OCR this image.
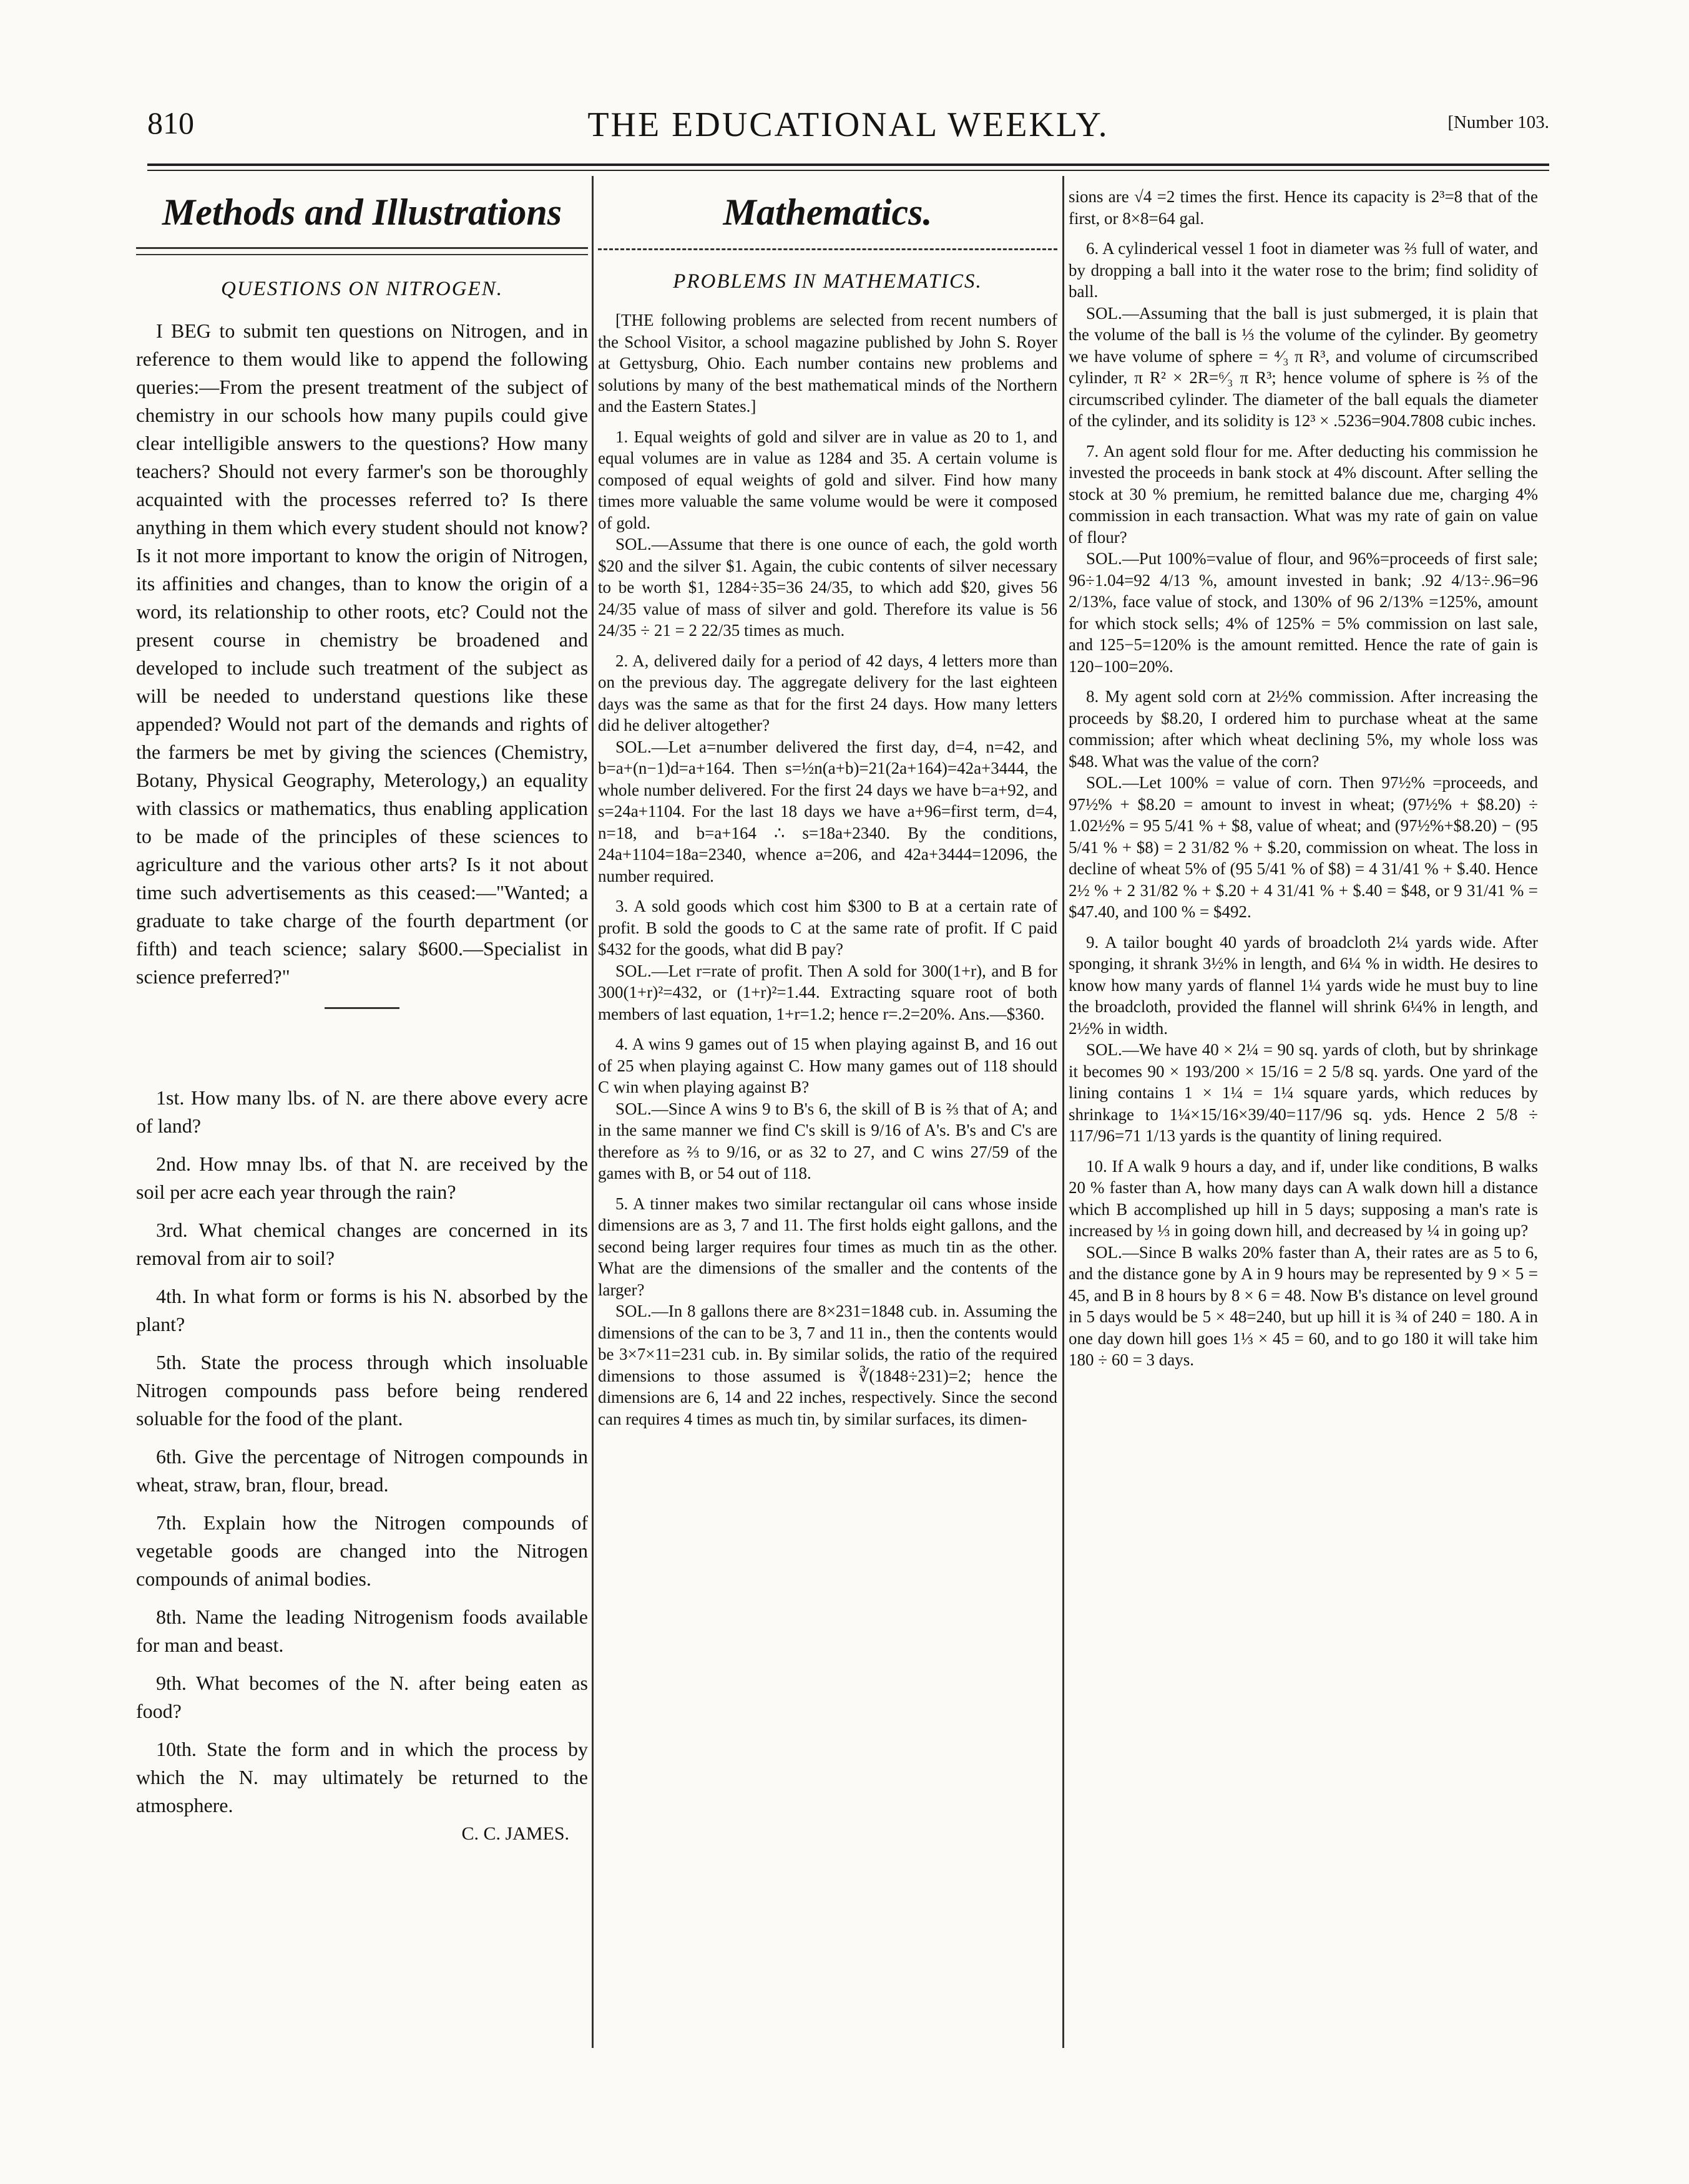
810	THE EDUCATIONAL WEEKLY.	[Number 103.
Methods and Illustrations
QUESTIONS ON NITROGEN.

I BEG to submit ten questions on Nitrogen, and in reference to them would like to append the following queries:—From the present treatment of the subject of chemistry in our schools how many pupils could give clear intelligible answers to the questions? How many teachers? Should not every farmer's son be thoroughly acquainted with the processes referred to? Is there anything in them which every student should not know? Is it not more important to know the origin of Nitrogen, its affinities and changes, than to know the origin of a word, its relationship to other roots, etc? Could not the present course in chemistry be broadened and developed to include such treatment of the subject as will be needed to understand questions like these appended? Would not part of the demands and rights of the farmers be met by giving the sciences (Chemistry, Botany, Physical Geography, Meterology,) an equality with classics or mathematics, thus enabling application to be made of the principles of these sciences to agriculture and the various other arts? Is it not about time such advertisements as this ceased:—"Wanted; a graduate to take charge of the fourth department (or fifth) and teach science; salary $600.—Specialist in science preferred?"

1st. How many lbs. of N. are there above every acre of land?

2nd. How mnay lbs. of that N. are received by the soil per acre each year through the rain?

3rd. What chemical changes are concerned in its removal from air to soil?

4th. In what form or forms is his N. absorbed by the plant?

5th. State the process through which insoluable Nitrogen compounds pass before being rendered soluable for the food of the plant.

6th. Give the percentage of Nitrogen compounds in wheat, straw, bran, flour, bread.

7th. Explain how the Nitrogen compounds of vegetable goods are changed into the Nitrogen compounds of animal bodies.

8th. Name the leading Nitrogenism foods available for man and beast.

9th. What becomes of the N. after being eaten as food?

10th. State the form and in which the process by which the N. may ultimately be returned to the atmosphere.

C. C. JAMES.
Mathematics.
PROBLEMS IN MATHEMATICS.

[THE following problems are selected from recent numbers of the School Visitor, a school magazine published by John S. Royer at Gettysburg, Ohio. Each number contains new problems and solutions by many of the best mathematical minds of the Northern and the Eastern States.]

1. Equal weights of gold and silver are in value as 20 to 1, and equal volumes are in value as 1284 and 35. A certain volume is composed of equal weights of gold and silver. Find how many times more valuable the same volume would be were it composed of gold.

SOL.—Assume that there is one ounce of each, the gold worth $20 and the silver $1. Again, the cubic contents of silver necessary to be worth $1, 1284÷35=36 24/35, to which add $20, gives 56 24/35 value of mass of silver and gold. Therefore its value is 56 24/35 ÷ 21 = 2 22/35 times as much.

2. A, delivered daily for a period of 42 days, 4 letters more than on the previous day. The aggregate delivery for the last eighteen days was the same as that for the first 24 days. How many letters did he deliver altogether?

SOL.—Let a=number delivered the first day, d=4, n=42, and b=a+(n−1)d=a+164. Then s=½n(a+b)=21(2a+164)=42a+3444, the whole number delivered. For the first 24 days we have b=a+92, and s=24a+1104. For the last 18 days we have a+96=first term, d=4, n=18, and b=a+164 ∴ s=18a+2340. By the conditions, 24a+1104=18a=2340, whence a=206, and 42a+3444=12096, the number required.

3. A sold goods which cost him $300 to B at a certain rate of profit. B sold the goods to C at the same rate of profit. If C paid $432 for the goods, what did B pay?

SOL.—Let r=rate of profit. Then A sold for 300(1+r), and B for 300(1+r)²=432, or (1+r)²=1.44. Extracting square root of both members of last equation, 1+r=1.2; hence r=.2=20%. Ans.—$360.

4. A wins 9 games out of 15 when playing against B, and 16 out of 25 when playing against C. How many games out of 118 should C win when playing against B?

SOL.—Since A wins 9 to B's 6, the skill of B is ⅔ that of A; and in the same manner we find C's skill is 9/16 of A's. B's and C's are therefore as ⅔ to 9/16, or as 32 to 27, and C wins 27/59 of the games with B, or 54 out of 118.

5. A tinner makes two similar rectangular oil cans whose inside dimensions are as 3, 7 and 11. The first holds eight gallons, and the second being larger requires four times as much tin as the other. What are the dimensions of the smaller and the contents of the larger?

SOL.—In 8 gallons there are 8×231=1848 cub. in. Assuming the dimensions of the can to be 3, 7 and 11 in., then the contents would be 3×7×11=231 cub. in. By similar solids, the ratio of the required dimensions to those assumed is ∛(1848÷231)=2; hence the dimensions are 6, 14 and 22 inches, respectively. Since the second can requires 4 times as much tin, by similar surfaces, its dimen-

sions are √4 =2 times the first. Hence its capacity is 2³=8 that of the first, or 8×8=64 gal.

6. A cylinderical vessel 1 foot in diameter was ⅔ full of water, and by dropping a ball into it the water rose to the brim; find solidity of ball.

SOL.—Assuming that the ball is just submerged, it is plain that the volume of the ball is ⅓ the volume of the cylinder. By geometry we have volume of sphere = ⁴⁄₃ π R³, and volume of circumscribed cylinder, π R² × 2R=⁶⁄₃ π R³; hence volume of sphere is ⅔ of the circumscribed cylinder. The diameter of the ball equals the diameter of the cylinder, and its solidity is 12³ × .5236=904.7808 cubic inches.

7. An agent sold flour for me. After deducting his commission he invested the proceeds in bank stock at 4% discount. After selling the stock at 30 % premium, he remitted balance due me, charging 4% commission in each transaction. What was my rate of gain on value of flour?

SOL.—Put 100%=value of flour, and 96%=proceeds of first sale; 96÷1.04=92 4/13 %, amount invested in bank; .92 4/13÷.96=96 2/13%, face value of stock, and 130% of 96 2/13% =125%, amount for which stock sells; 4% of 125% = 5% commission on last sale, and 125−5=120% is the amount remitted. Hence the rate of gain is 120−100=20%.

8. My agent sold corn at 2½% commission. After increasing the proceeds by $8.20, I ordered him to purchase wheat at the same commission; after which wheat declining 5%, my whole loss was $48. What was the value of the corn?

SOL.—Let 100% = value of corn. Then 97½% =proceeds, and 97½% + $8.20 = amount to invest in wheat; (97½% + $8.20) ÷ 1.02½% = 95 5/41 % + $8, value of wheat; and (97½%+$8.20) − (95 5/41 % + $8) = 2 31/82 % + $.20, commission on wheat. The loss in decline of wheat 5% of (95 5/41 % of $8) = 4 31/41 % + $.40. Hence 2½ % + 2 31/82 % + $.20 + 4 31/41 % + $.40 = $48, or 9 31/41 % = $47.40, and 100 % = $492.

9. A tailor bought 40 yards of broadcloth 2¼ yards wide. After sponging, it shrank 3½% in length, and 6¼ % in width. He desires to know how many yards of flannel 1¼ yards wide he must buy to line the broadcloth, provided the flannel will shrink 6¼% in length, and 2½% in width.

SOL.—We have 40 × 2¼ = 90 sq. yards of cloth, but by shrinkage it becomes 90 × 193/200 × 15/16 = 2 5/8 sq. yards. One yard of the lining contains 1 × 1¼ = 1¼ square yards, which reduces by shrinkage to 1¼×15/16×39/40=117/96 sq. yds. Hence 2 5/8 ÷ 117/96=71 1/13 yards is the quantity of lining required.

10. If A walk 9 hours a day, and if, under like conditions, B walks 20 % faster than A, how many days can A walk down hill a distance which B accomplished up hill in 5 days; supposing a man's rate is increased by ⅓ in going down hill, and decreased by ¼ in going up?

SOL.—Since B walks 20% faster than A, their rates are as 5 to 6, and the distance gone by A in 9 hours may be represented by 9 × 5 = 45, and B in 8 hours by 8 × 6 = 48. Now B's distance on level ground in 5 days would be 5 × 48=240, but up hill it is ¾ of 240 = 180. A in one day down hill goes 1⅓ × 45 = 60, and to go 180 it will take him 180 ÷ 60 = 3 days.
